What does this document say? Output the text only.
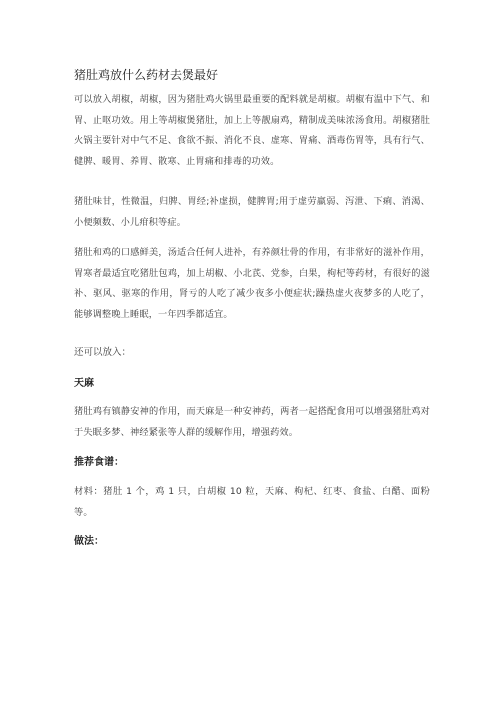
猪肚鸡放什么药材去煲最好
可以放入胡椒，胡椒，因为猪肚鸡火锅里最重要的配料就是胡椒。胡椒有温中下气、和胃、止呕功效。用上等胡椒煲猪肚，加上上等靓扇鸡，精制成美味浓汤食用。胡椒猪肚火锅主要针对中气不足、食欲不振、消化不良、虚寒、胃痛、酒毒伤胃等，具有行气、健脾、暖胃、养胃、散寒、止胃痛和排毒的功效。
猪肚味甘，性微温，归脾、胃经;补虚损，健脾胃;用于虚劳羸弱、泻泄、下痢、消渴、小便频数、小儿疳积等症。
猪肚和鸡的口感鲜美，汤适合任何人进补，有养颜壮骨的作用，有非常好的滋补作用，胃寒者最适宜吃猪肚包鸡，加上胡椒、小北芪、党参，白果，枸杞等药材，有很好的滋补、驱风、驱寒的作用，肾亏的人吃了减少夜多小便症状;躁热虚火夜梦多的人吃了，能够调整晚上睡眠，一年四季都适宜。
还可以放入：
天麻
猪肚鸡有镇静安神的作用，而天麻是一种安神药，两者一起搭配食用可以增强猪肚鸡对于失眠多梦、神经紧张等人群的缓解作用，增强药效。
推荐食谱：
材料：猪肚 1 个，鸡 1 只，白胡椒 10 粒，天麻、枸杞、红枣、食盐、白醋、面粉等。
做法：
